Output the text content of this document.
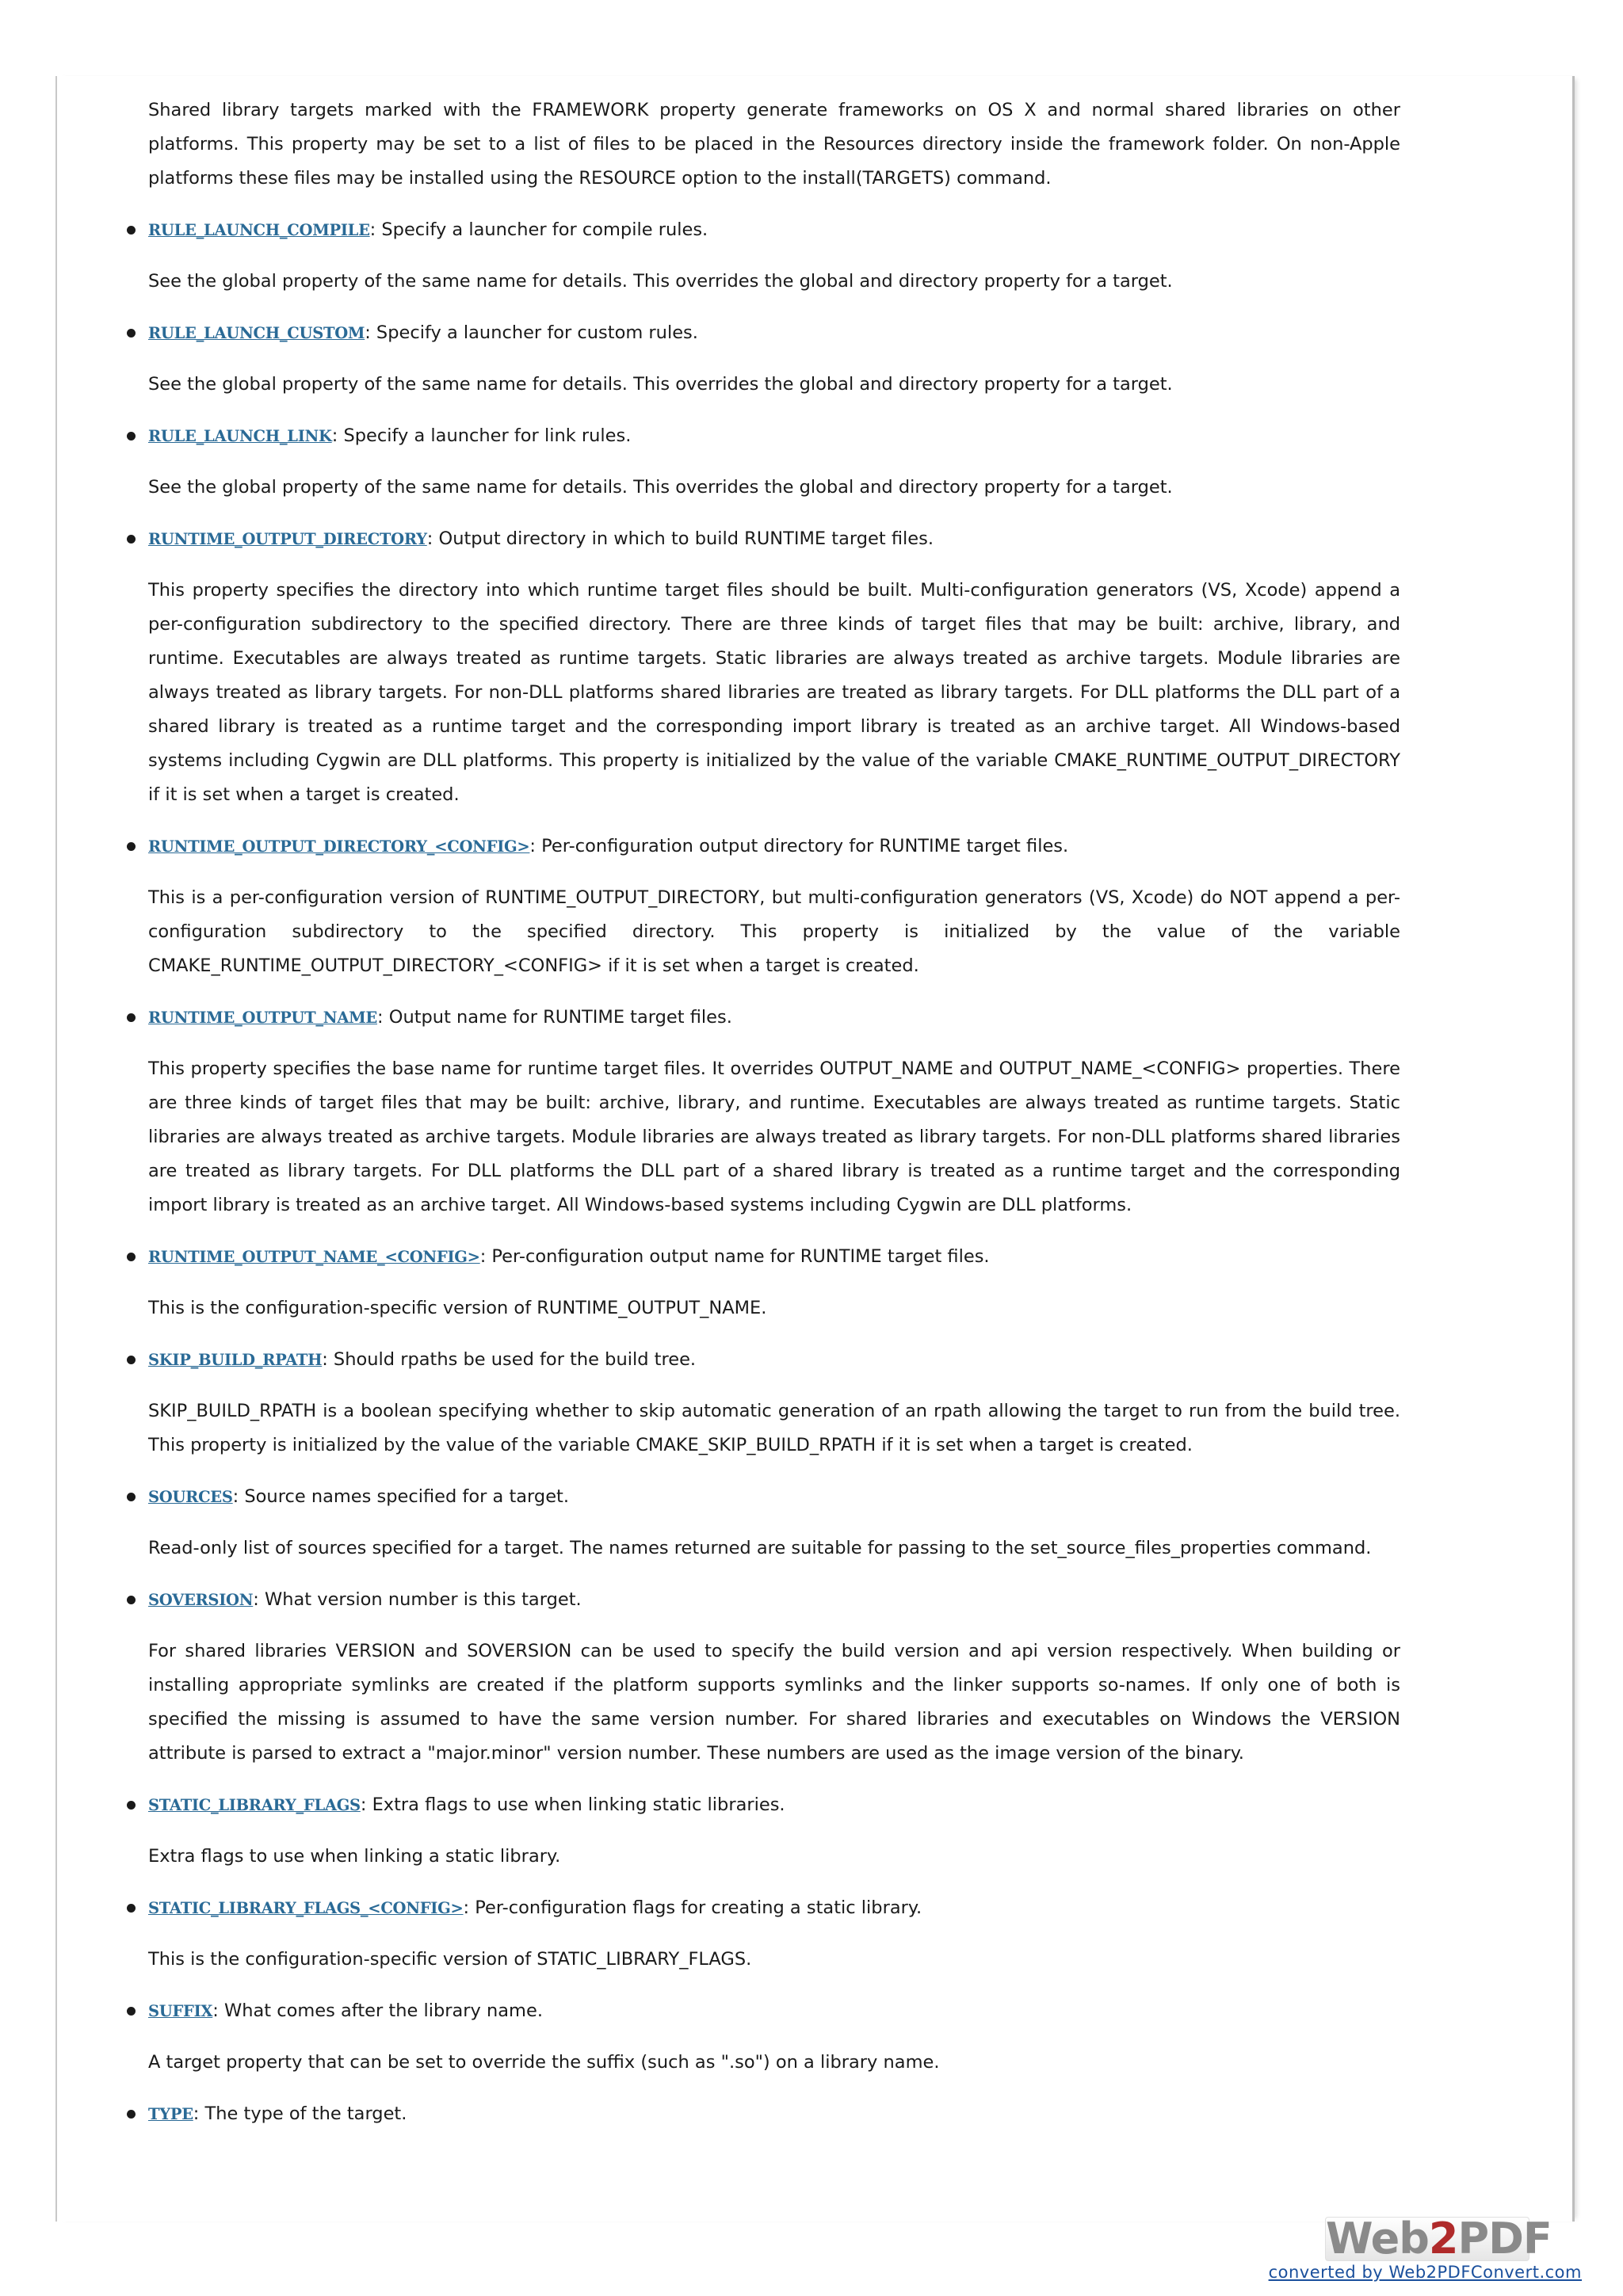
Shared library targets marked with the FRAMEWORK property generate frameworks on OS X and normal shared libraries on other platforms. This property may be set to a list of files to be placed in the Resources directory inside the framework folder. On non-Apple platforms these files may be installed using the RESOURCE option to the install(TARGETS) command.

RULE_LAUNCH_COMPILE: Specify a launcher for compile rules.

See the global property of the same name for details. This overrides the global and directory property for a target.

RULE_LAUNCH_CUSTOM: Specify a launcher for custom rules.

See the global property of the same name for details. This overrides the global and directory property for a target.

RULE_LAUNCH_LINK: Specify a launcher for link rules.

See the global property of the same name for details. This overrides the global and directory property for a target.

RUNTIME_OUTPUT_DIRECTORY: Output directory in which to build RUNTIME target files.

This property specifies the directory into which runtime target files should be built. Multi-configuration generators (VS, Xcode) append a per-configuration subdirectory to the specified directory. There are three kinds of target files that may be built: archive, library, and runtime. Executables are always treated as runtime targets. Static libraries are always treated as archive targets. Module libraries are always treated as library targets. For non-DLL platforms shared libraries are treated as library targets. For DLL platforms the DLL part of a shared library is treated as a runtime target and the corresponding import library is treated as an archive target. All Windows-based systems including Cygwin are DLL platforms. This property is initialized by the value of the variable CMAKE_RUNTIME_OUTPUT_DIRECTORY if it is set when a target is created.

RUNTIME_OUTPUT_DIRECTORY_<CONFIG>: Per-configuration output directory for RUNTIME target files.

This is a per-configuration version of RUNTIME_OUTPUT_DIRECTORY, but multi-configuration generators (VS, Xcode) do NOT append a per-configuration subdirectory to the specified directory. This property is initialized by the value of the variable CMAKE_RUNTIME_OUTPUT_DIRECTORY_<CONFIG> if it is set when a target is created.

RUNTIME_OUTPUT_NAME: Output name for RUNTIME target files.

This property specifies the base name for runtime target files. It overrides OUTPUT_NAME and OUTPUT_NAME_<CONFIG> properties. There are three kinds of target files that may be built: archive, library, and runtime. Executables are always treated as runtime targets. Static libraries are always treated as archive targets. Module libraries are always treated as library targets. For non-DLL platforms shared libraries are treated as library targets. For DLL platforms the DLL part of a shared library is treated as a runtime target and the corresponding import library is treated as an archive target. All Windows-based systems including Cygwin are DLL platforms.

RUNTIME_OUTPUT_NAME_<CONFIG>: Per-configuration output name for RUNTIME target files.

This is the configuration-specific version of RUNTIME_OUTPUT_NAME.

SKIP_BUILD_RPATH: Should rpaths be used for the build tree.

SKIP_BUILD_RPATH is a boolean specifying whether to skip automatic generation of an rpath allowing the target to run from the build tree. This property is initialized by the value of the variable CMAKE_SKIP_BUILD_RPATH if it is set when a target is created.

SOURCES: Source names specified for a target.

Read-only list of sources specified for a target. The names returned are suitable for passing to the set_source_files_properties command.

SOVERSION: What version number is this target.

For shared libraries VERSION and SOVERSION can be used to specify the build version and api version respectively. When building or installing appropriate symlinks are created if the platform supports symlinks and the linker supports so-names. If only one of both is specified the missing is assumed to have the same version number. For shared libraries and executables on Windows the VERSION attribute is parsed to extract a "major.minor" version number. These numbers are used as the image version of the binary.

STATIC_LIBRARY_FLAGS: Extra flags to use when linking static libraries.

Extra flags to use when linking a static library.

STATIC_LIBRARY_FLAGS_<CONFIG>: Per-configuration flags for creating a static library.

This is the configuration-specific version of STATIC_LIBRARY_FLAGS.

SUFFIX: What comes after the library name.

A target property that can be set to override the suffix (such as ".so") on a library name.

TYPE: The type of the target.
Web2PDF
converted by Web2PDFConvert.com
